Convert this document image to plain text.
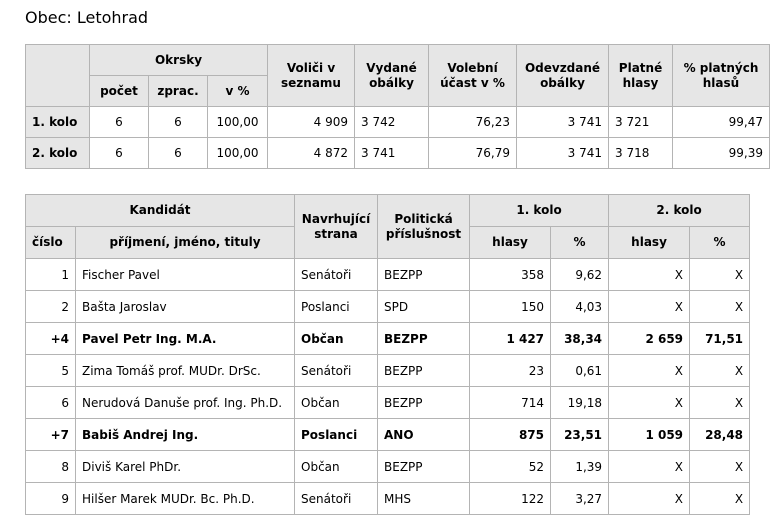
Obec: Letohrad
	Okrsky			Voliči v seznamu	Vydané obálky	Volební účast v %	Odevzdané obálky	Platné hlasy	% platných hlasů
	počet	zprac.	v %						
1. kolo	6	6	100,00	4 909	3 742	76,23	3 741	3 721	99,47
2. kolo	6	6	100,00	4 872	3 741	76,79	3 741	3 718	99,39
Kandidát		Navrhující strana	Politická příslušnost	1. kolo		2. kolo	
číslo	příjmení, jméno, tituly			hlasy	%	hlasy	%
1	Fischer Pavel	Senátoři	BEZPP	358	9,62	X	X
2	Bašta Jaroslav	Poslanci	SPD	150	4,03	X	X
+4	Pavel Petr Ing. M.A.	Občan	BEZPP	1 427	38,34	2 659	71,51
5	Zima Tomáš prof. MUDr. DrSc.	Senátoři	BEZPP	23	0,61	X	X
6	Nerudová Danuše prof. Ing. Ph.D.	Občan	BEZPP	714	19,18	X	X
+7	Babiš Andrej Ing.	Poslanci	ANO	875	23,51	1 059	28,48
8	Diviš Karel PhDr.	Občan	BEZPP	52	1,39	X	X
9	Hilšer Marek MUDr. Bc. Ph.D.	Senátoři	MHS	122	3,27	X	X
